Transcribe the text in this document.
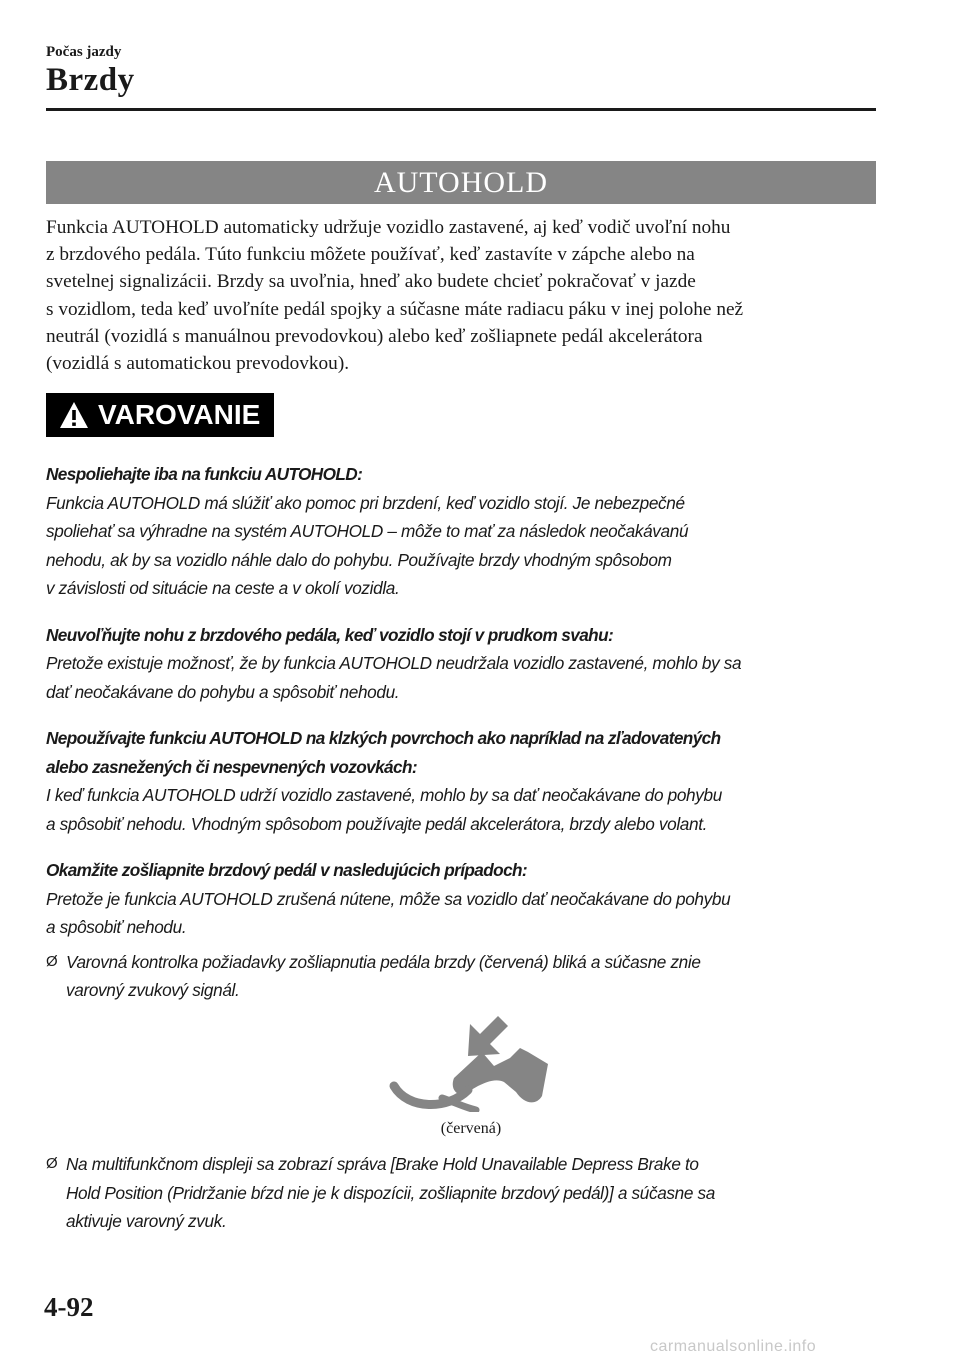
Počas jazdy
Brzdy
AUTOHOLD
Funkcia AUTOHOLD automaticky udržuje vozidlo zastavené, aj keď vodič uvoľní nohu
z brzdového pedála. Túto funkciu môžete používať, keď zastavíte v zápche alebo na
svetelnej signalizácii. Brzdy sa uvoľnia, hneď ako budete chcieť pokračovať v jazde
s vozidlom, teda keď uvoľníte pedál spojky a súčasne máte radiacu páku v inej polohe než
neutrál (vozidlá s manuálnou prevodovkou) alebo keď zošliapnete pedál akcelerátora
(vozidlá s automatickou prevodovkou).
VAROVANIE
Nespoliehajte iba na funkciu AUTOHOLD:
Funkcia AUTOHOLD má slúžiť ako pomoc pri brzdení, keď vozidlo stojí. Je nebezpečné
spoliehať sa výhradne na systém AUTOHOLD – môže to mať za následok neočakávanú
nehodu, ak by sa vozidlo náhle dalo do pohybu. Používajte brzdy vhodným spôsobom
v závislosti od situácie na ceste a v okolí vozidla.
Neuvoľňujte nohu z brzdového pedála, keď vozidlo stojí v prudkom svahu:
Pretože existuje možnosť, že by funkcia AUTOHOLD neudržala vozidlo zastavené, mohlo by sa
dať neočakávane do pohybu a spôsobiť nehodu.
Nepoužívajte funkciu AUTOHOLD na klzkých povrchoch ako napríklad na zľadovatených
alebo zasnežených či nespevnených vozovkách:
I keď funkcia AUTOHOLD udrží vozidlo zastavené, mohlo by sa dať neočakávane do pohybu
a spôsobiť nehodu. Vhodným spôsobom používajte pedál akcelerátora, brzdy alebo volant.
Okamžite zošliapnite brzdový pedál v nasledujúcich prípadoch:
Pretože je funkcia AUTOHOLD zrušená nútene, môže sa vozidlo dať neočakávane do pohybu
a spôsobiť nehodu.
Ø Varovná kontrolka požiadavky zošliapnutia pedála brzdy (červená) bliká a súčasne znie
varovný zvukový signál.
(červená)
Ø Na multifunkčnom displeji sa zobrazí správa [Brake Hold Unavailable Depress Brake to
Hold Position (Pridržanie bŕzd nie je k dispozícii, zošliapnite brzdový pedál)] a súčasne sa
aktivuje varovný zvuk.
4-92
carmanualsonline.info
